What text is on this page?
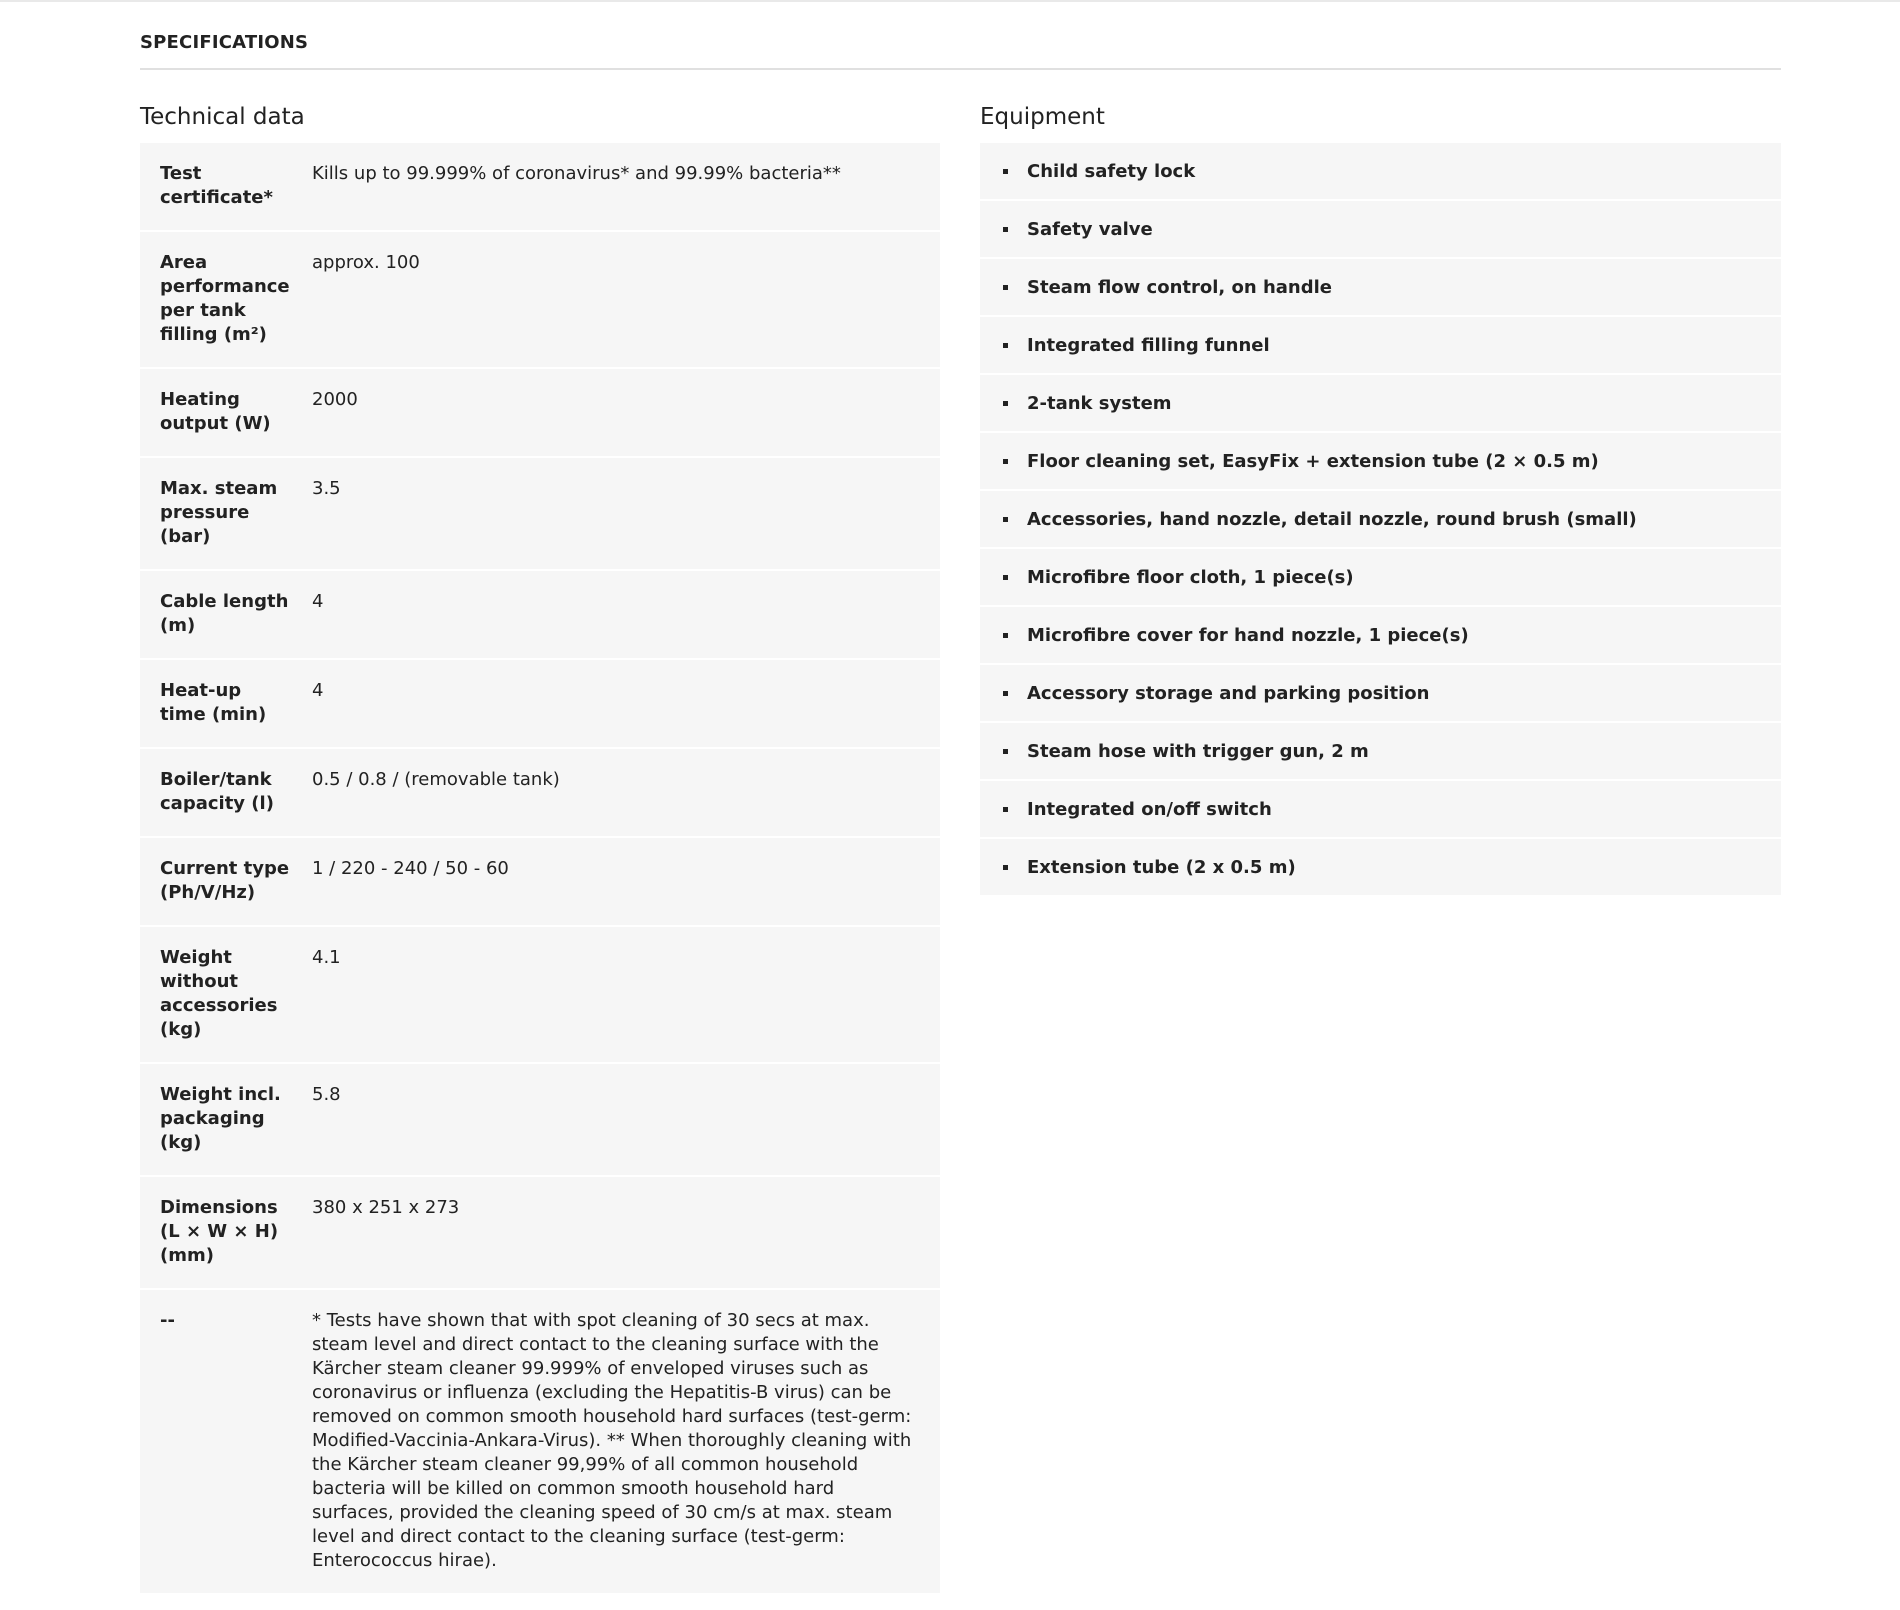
SPECIFICATIONS
Technical data
Test certificate*	Kills up to 99.999% of coronavirus* and 99.99% bacteria**
Area performance per tank filling (m²)	approx. 100
Heating output (W)	2000
Max. steam pressure (bar)	3.5
Cable length (m)	4
Heat-up time (min)	4
Boiler/tank capacity (l)	0.5 / 0.8 / (removable tank)
Current type (Ph/V/Hz)	1 / 220 - 240 / 50 - 60
Weight without accessories (kg)	4.1
Weight incl. packaging (kg)	5.8
Dimensions (L × W × H) (mm)	380 x 251 x 273
--	* Tests have shown that with spot cleaning of 30 secs at max. steam level and direct contact to the cleaning surface with the Kärcher steam cleaner 99.999% of enveloped viruses such as coronavirus or influenza (excluding the Hepatitis-B virus) can be removed on common smooth household hard surfaces (test-germ: Modified-Vaccinia-Ankara-Virus). ** When thoroughly cleaning with the Kärcher steam cleaner 99,99% of all common household bacteria will be killed on common smooth household hard surfaces, provided the cleaning speed of 30 cm/s at max. steam level and direct contact to the cleaning surface (test-germ: Enterococcus hirae).
Equipment
Child safety lock
Safety valve
Steam flow control, on handle
Integrated filling funnel
2-tank system
Floor cleaning set, EasyFix + extension tube (2 × 0.5 m)
Accessories, hand nozzle, detail nozzle, round brush (small)
Microfibre floor cloth, 1 piece(s)
Microfibre cover for hand nozzle, 1 piece(s)
Accessory storage and parking position
Steam hose with trigger gun, 2 m
Integrated on/off switch
Extension tube (2 x 0.5 m)
